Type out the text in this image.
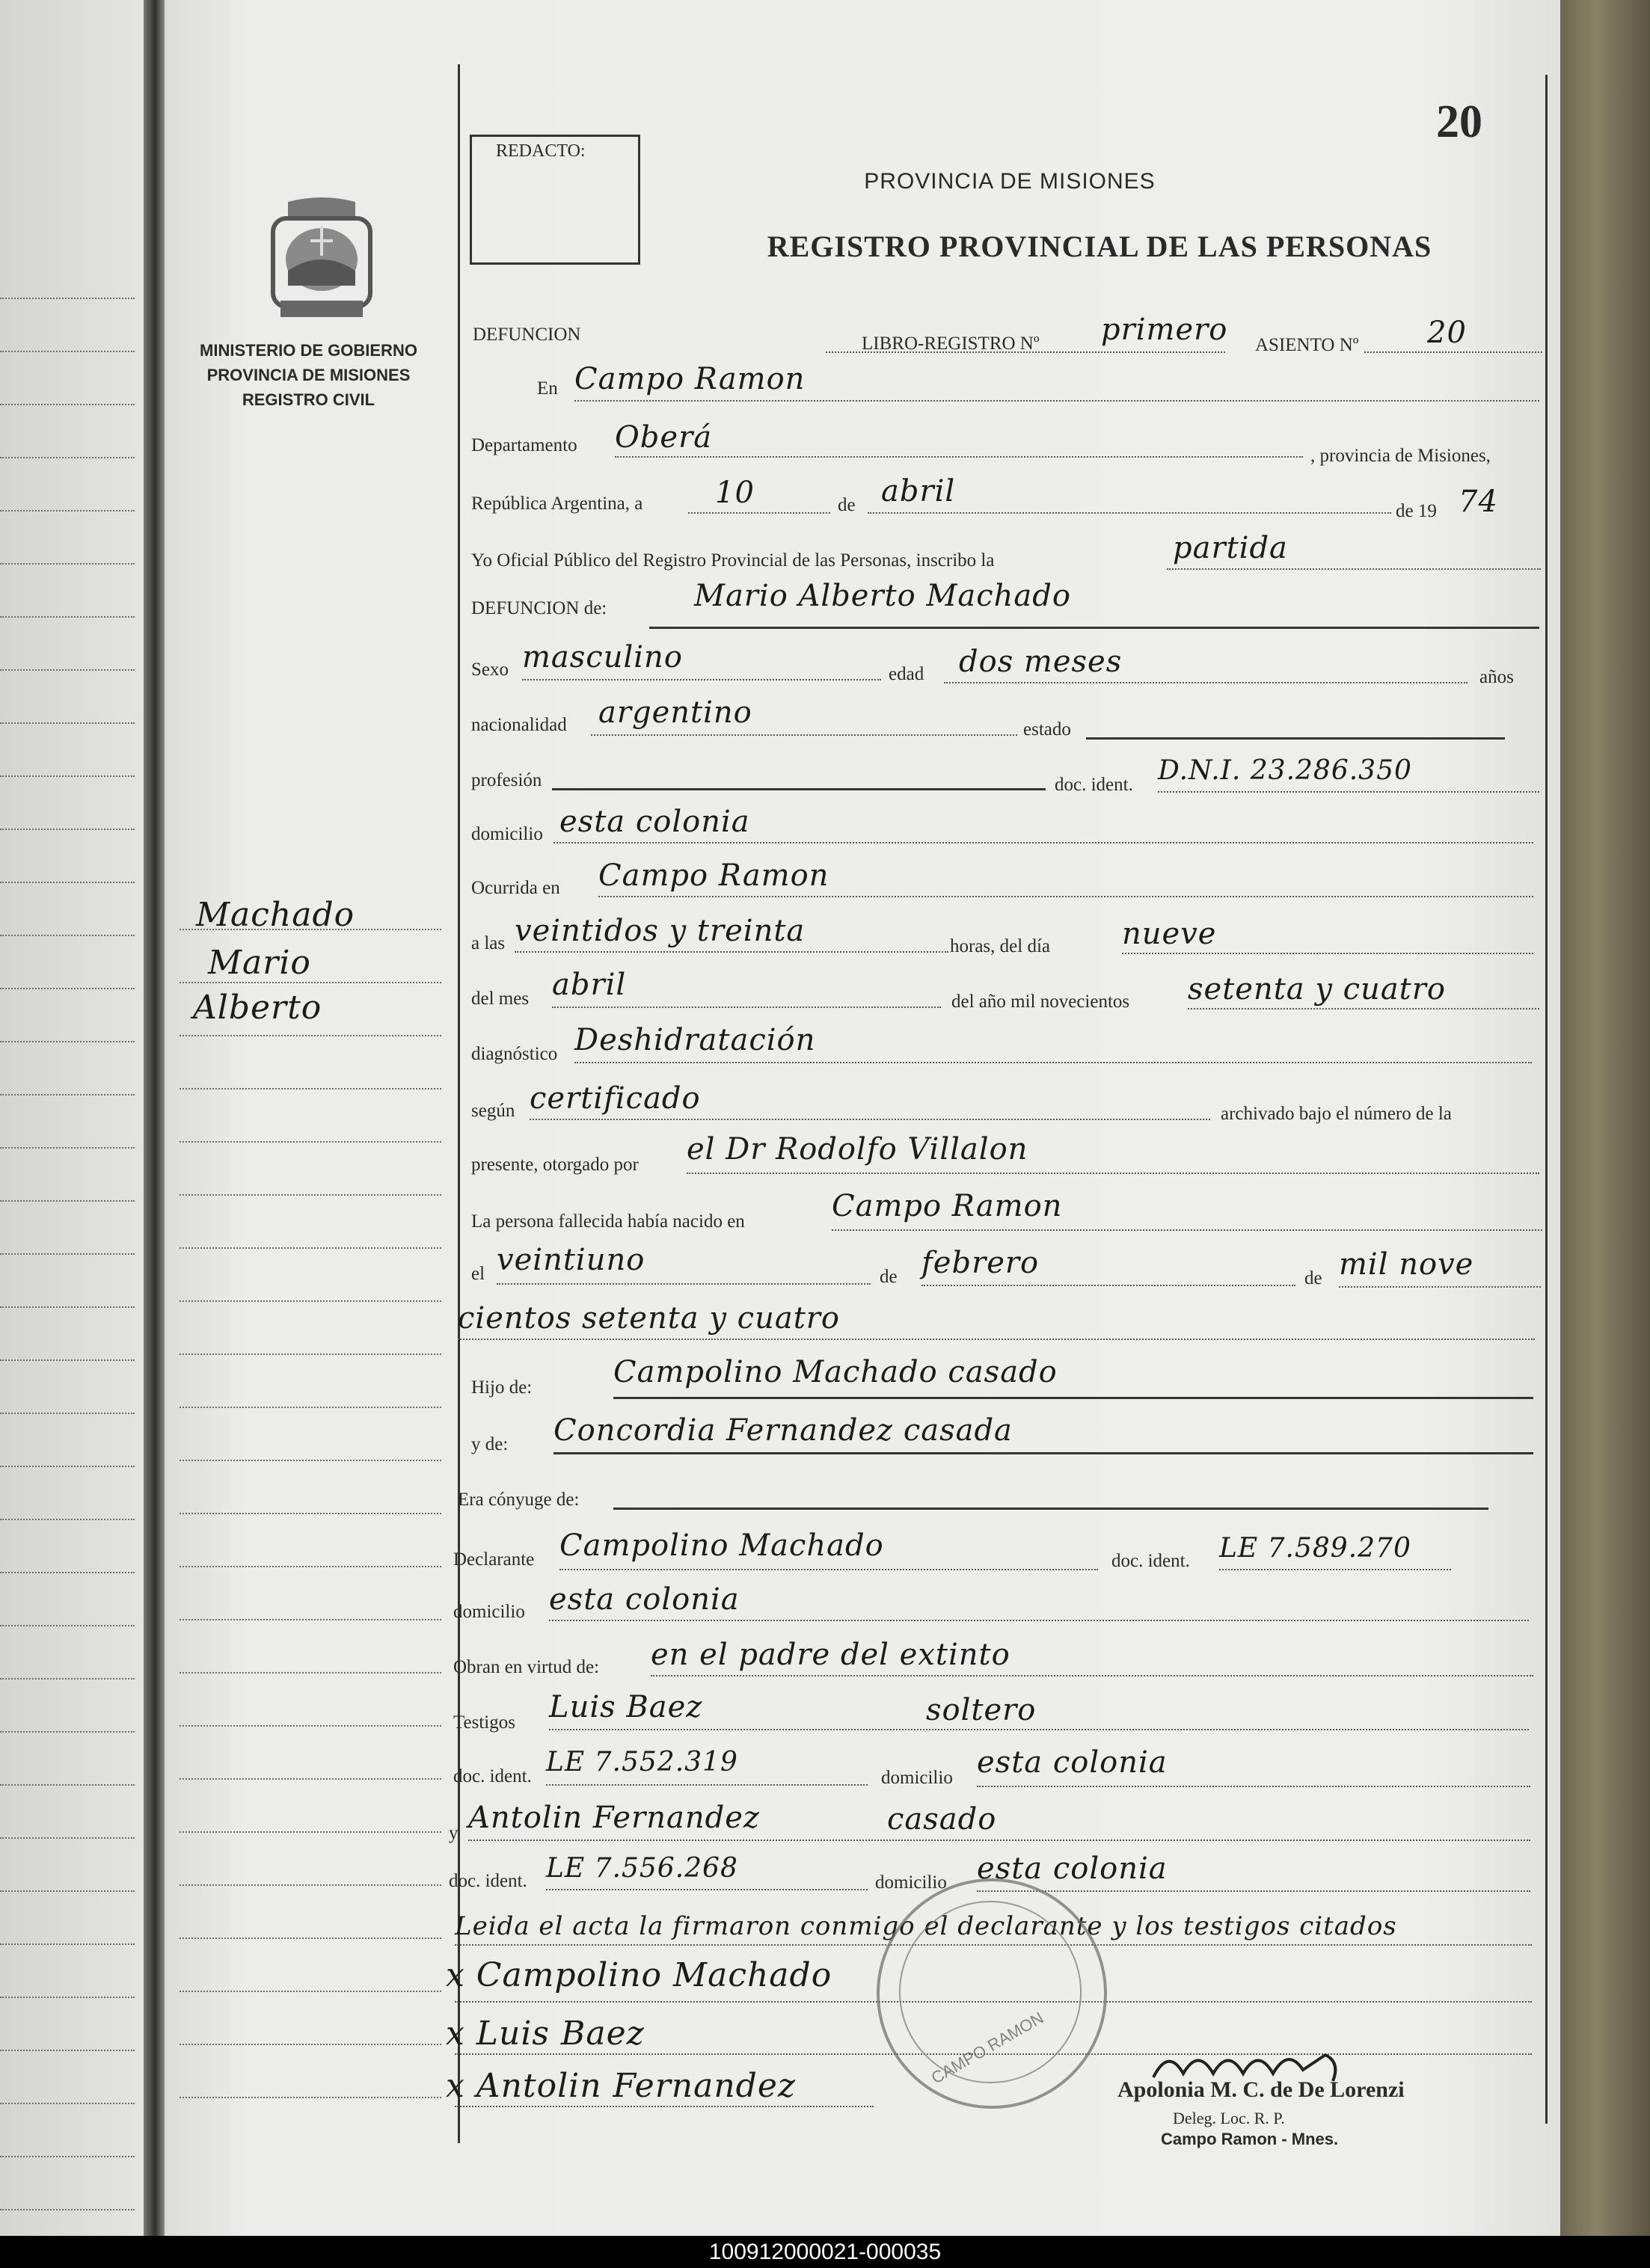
MINISTERIO DE GOBIERNO
PROVINCIA DE MISIONES
REGISTRO CIVIL
REDACTO:
20
PROVINCIA DE MISIONES
REGISTRO PROVINCIAL DE LAS PERSONAS
Machado
Mario
Alberto
DEFUNCION	LIBRO-REGISTRO Nº primero ASIENTO Nº 20
En Campo Ramon
Departamento Oberá
, provincia de Misiones,
República Argentina, a 10	de abril
de 19 74
Yo Oficial Público del Registro Provincial de las Personas, inscribo la	partida
DEFUNCION de:	Mario Alberto Machado
Sexo masculino	edad dos meses	años
nacionalidad argentino	estado
profesión	doc. ident. D.N.I. 23.286.350
domicilio esta colonia
Ocurrida en Campo Ramon
a las veintidos y treinta	horas, del día nueve
del mes abril	del año mil novecientos setenta y cuatro
diagnóstico Deshidratación
según certificado	archivado bajo el número de la
presente, otorgado por el Dr Rodolfo Villalon
La persona fallecida había nacido en	Campo Ramon
el veintiuno	de febrero	de mil nove
cientos setenta y cuatro
Hijo de:	Campolino Machado casado
y de: Concordia Fernandez casada
Era cónyuge de:
Declarante Campolino Machado	doc. ident. LE 7.589.270
domicilio esta colonia
Obran en virtud de: en el padre del extinto
Testigos Luis Baez	soltero
doc. ident. LE 7.552.319
domicilio esta colonia
y Antolin Fernandez	casado
doc. ident. LE 7.556.268	domicilio esta colonia
Leida el acta la firmaron conmigo el declarante y los testigos citados
x Campolino Machado
x Luis Baez
x Antolin Fernandez	CAMPO RAMON
Apolonia M. C. de De Lorenzi
Deleg. Loc. R. P.
Campo Ramon - Mnes.
100912000021-000035
